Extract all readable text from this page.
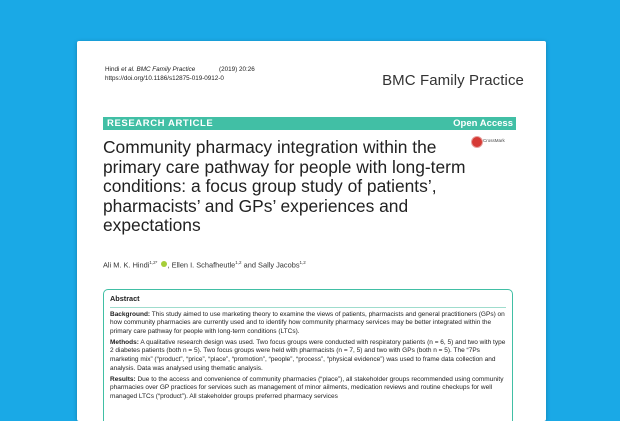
Hindi et al. BMC Family Practice	(2019) 20:26
https://doi.org/10.1186/s12875-019-0912-0	BMC Family Practice
RESEARCH ARTICLE	Open Access
CrossMark
Community pharmacy integration within the primary care pathway for people with long-term conditions: a focus group study of patients’, pharmacists’ and GPs’ experiences and expectations
Ali M. K. Hindi$^{1,2*}$ , Ellen I. Schafheutle$^{1,2}$ and Sally Jacobs$^{1,2}$

Abstract

Background: This study aimed to use marketing theory to examine the views of patients, pharmacists and general practitioners (GPs) on how community pharmacies are currently used and to identify how community pharmacy services may be better integrated within the primary care pathway for people with long-term conditions (LTCs).

Methods: A qualitative research design was used. Two focus groups were conducted with respiratory patients (n = 6, 5) and two with type 2 diabetes patients (both n = 5). Two focus groups were held with pharmacists (n = 7, 5) and two with GPs (both n = 5). The “7Ps marketing mix” (“product”, “price”, “place”, “promotion”, “people”, “process”, “physical evidence”) was used to frame data collection and analysis. Data was analysed using thematic analysis.

Results: Due to the access and convenience of community pharmacies (“place”), all stakeholder groups recommended using community pharmacies over GP practices for services such as management of minor ailments, medication reviews and routine checkups for well managed LTCs (“product”). All stakeholder groups preferred pharmacy services
